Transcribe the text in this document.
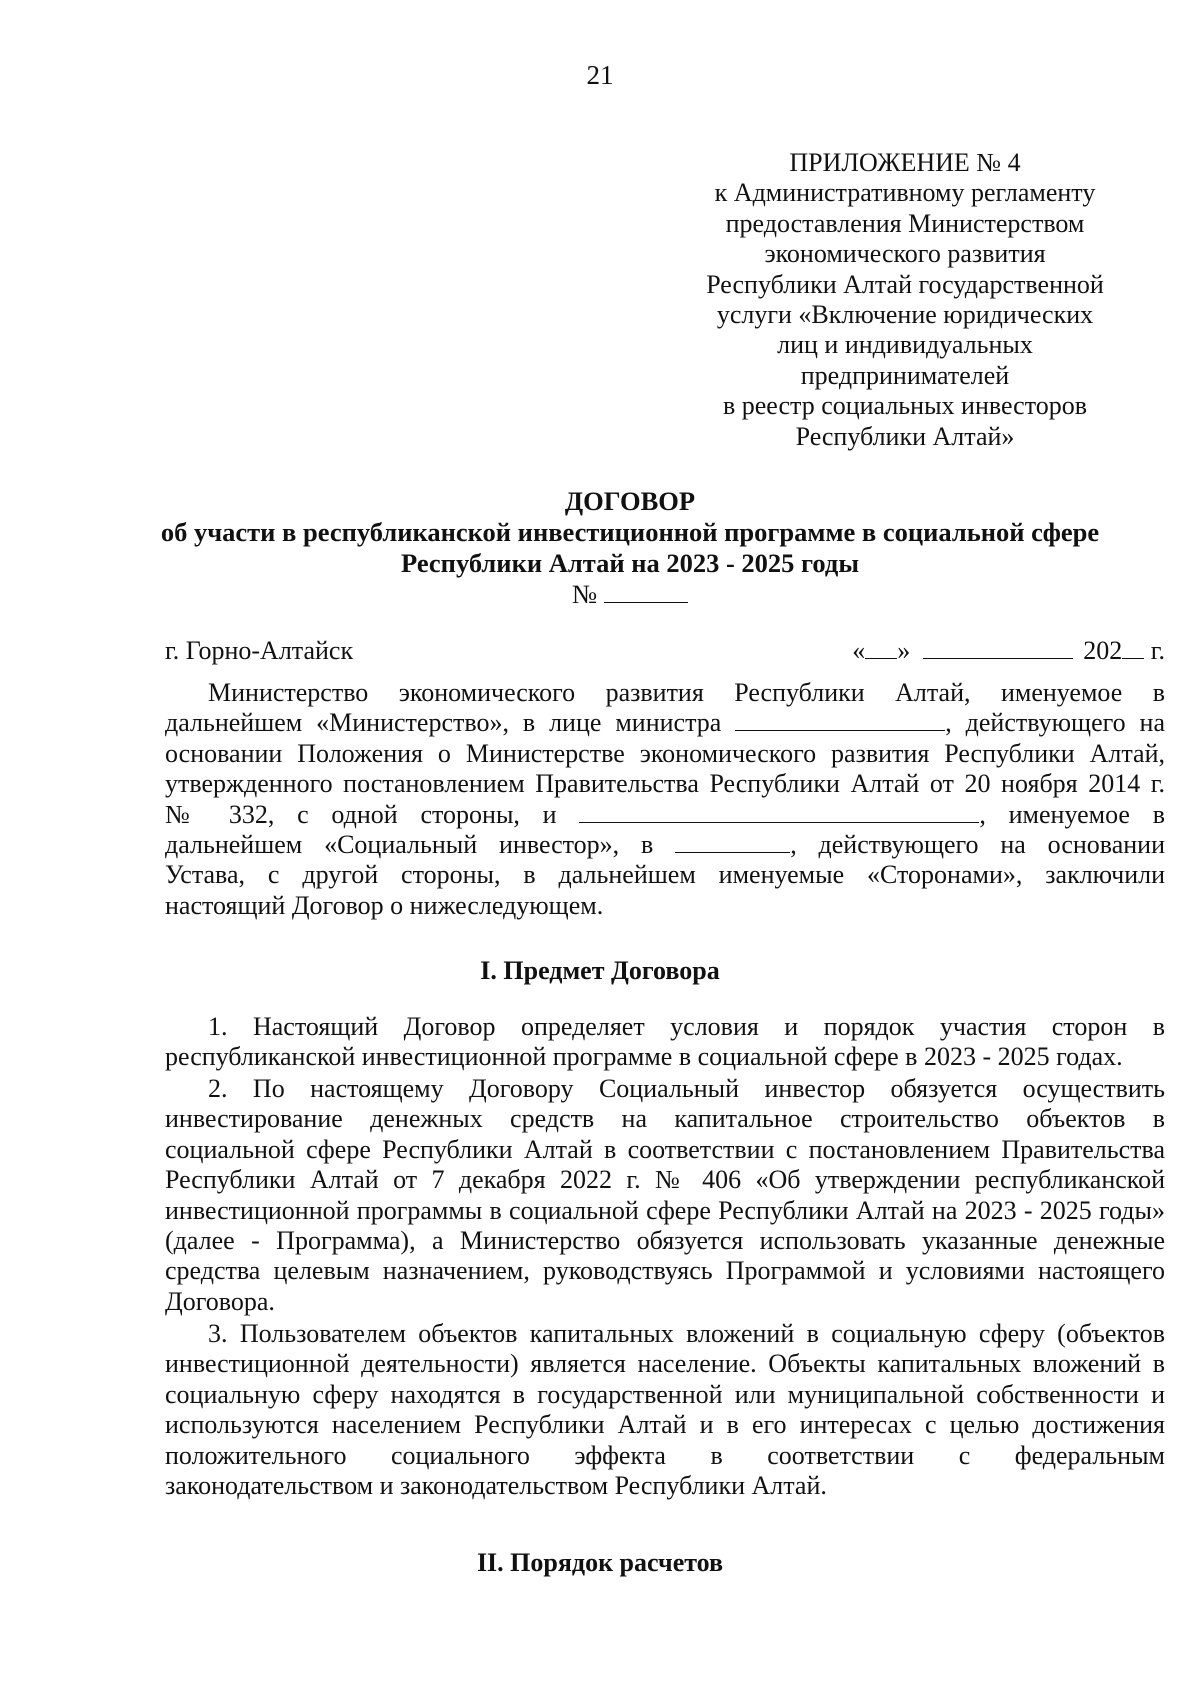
21
ПРИЛОЖЕНИЕ № 4
к Административному регламенту
предоставления Министерством
экономического развития
Республики Алтай государственной
услуги «Включение юридических
лиц и индивидуальных
предпринимателей
в реестр социальных инвесторов
Республики Алтай»
ДОГОВОР
об участи в республиканской инвестиционной программе в социальной сфере
Республики Алтай на 2023 - 2025 годы
№
г. Горно-Алтайск	« »	202 г.
Министерство экономического развития Республики Алтай, именуемое в
дальнейшем «Министерство», в лице министра	, действующего на
основании Положения о Министерстве экономического развития Республики Алтай,
утвержденного постановлением Правительства Республики Алтай от 20 ноября 2014 г.
№ 332, с одной стороны, и	, именуемое в
дальнейшем «Социальный инвестор», в	, действующего на основании
Устава, с другой стороны, в дальнейшем именуемые «Сторонами», заключили
настоящий Договор о нижеследующем.
I. Предмет Договора
1. Настоящий Договор определяет условия и порядок участия сторон в
республиканской инвестиционной программе в социальной сфере в 2023 - 2025 годах.
2. По настоящему Договору Социальный инвестор обязуется осуществить
инвестирование денежных средств на капитальное строительство объектов в
социальной сфере Республики Алтай в соответствии с постановлением Правительства
Республики Алтай от 7 декабря 2022 г. № 406 «Об утверждении республиканской
инвестиционной программы в социальной сфере Республики Алтай на 2023 - 2025 годы»
(далее - Программа), а Министерство обязуется использовать указанные денежные
средства целевым назначением, руководствуясь Программой и условиями настоящего
Договора.
3. Пользователем объектов капитальных вложений в социальную сферу (объектов
инвестиционной деятельности) является население. Объекты капитальных вложений в
социальную сферу находятся в государственной или муниципальной собственности и
используются населением Республики Алтай и в его интересах с целью достижения
положительного социального эффекта в соответствии с федеральным
законодательством и законодательством Республики Алтай.
II. Порядок расчетов
